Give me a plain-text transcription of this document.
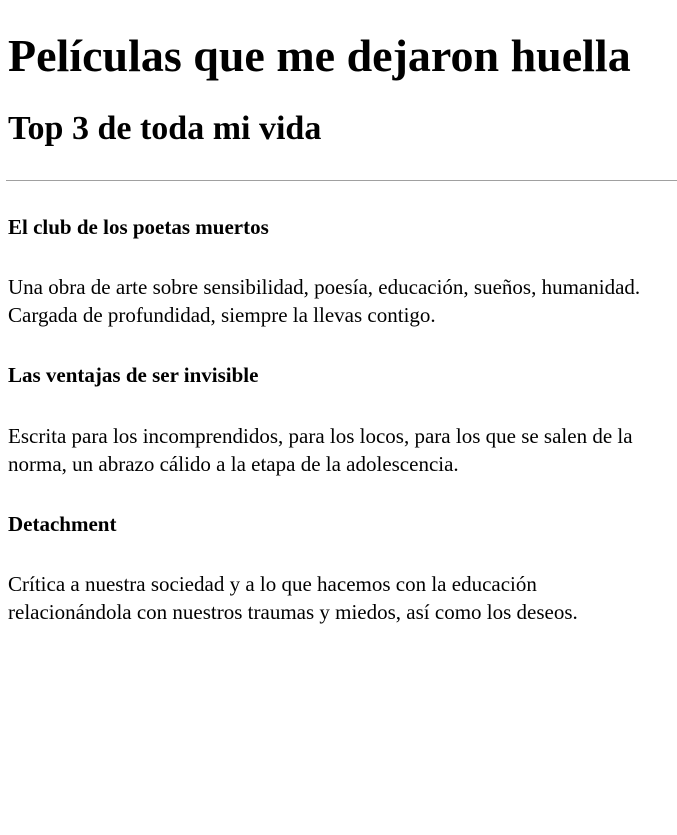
Películas que me dejaron huella
Top 3 de toda mi vida
El club de los poetas muertos

Una obra de arte sobre sensibilidad, poesía, educación, sueños, humanidad. Cargada de profundidad, siempre la llevas contigo.

Las ventajas de ser invisible

Escrita para los incomprendidos, para los locos, para los que se salen de la norma, un abrazo cálido a la etapa de la adolescencia.

Detachment

Crítica a nuestra sociedad y a lo que hacemos con la educación relacionándola con nuestros traumas y miedos, así como los deseos.
